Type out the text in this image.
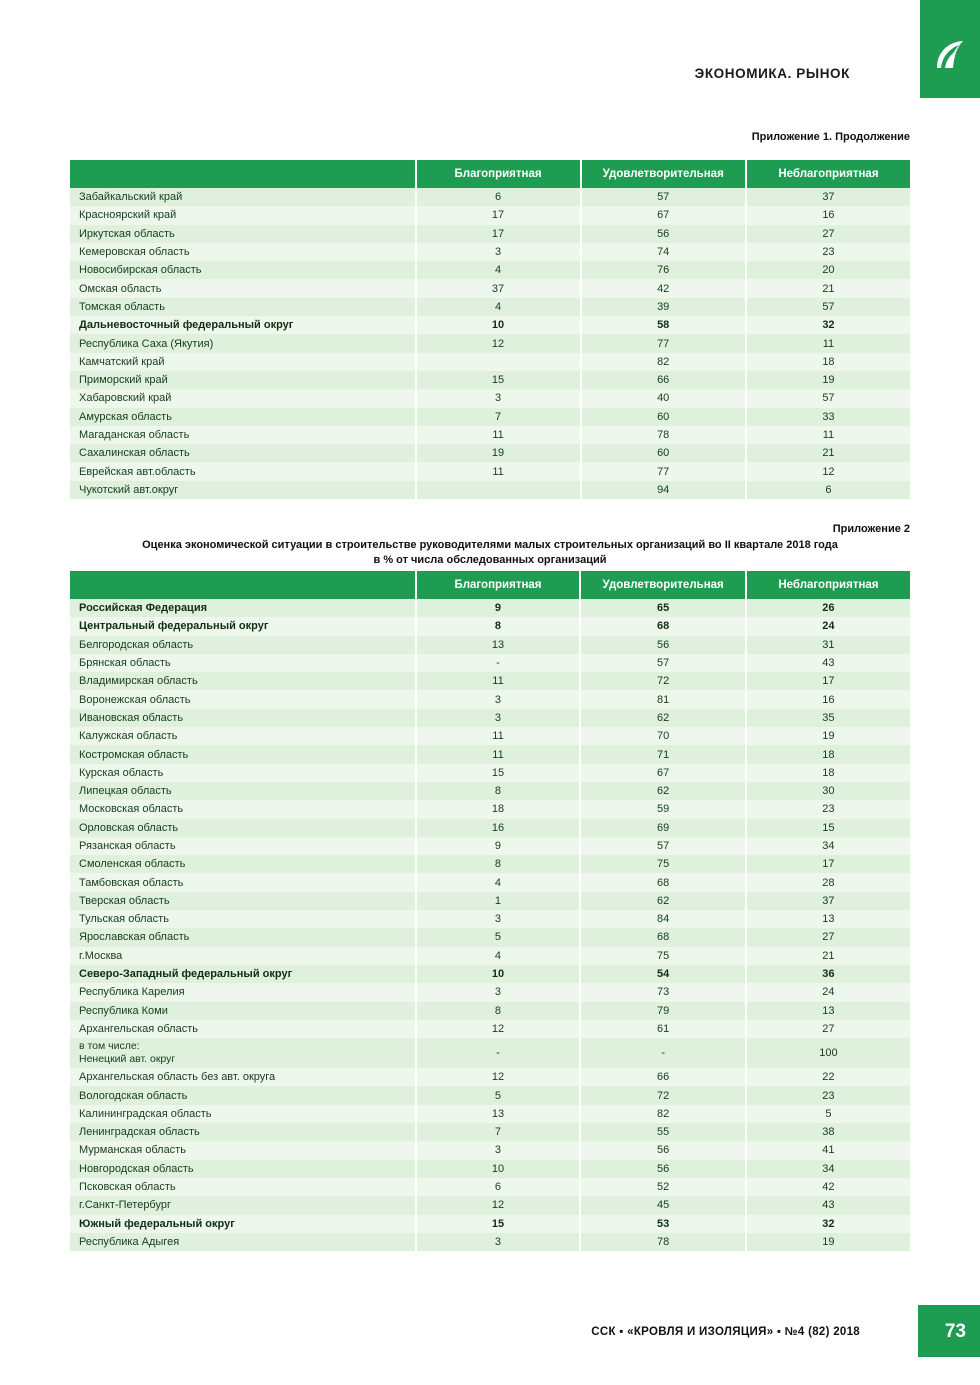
ЭКОНОМИКА. РЫНОК
Приложение 1. Продолжение
	Благоприятная	Удовлетворительная	Неблагоприятная
Забайкальский край	6	57	37
Красноярский край	17	67	16
Иркутская область	17	56	27
Кемеровская область	3	74	23
Новосибирская область	4	76	20
Омская область	37	42	21
Томская область	4	39	57
Дальневосточный федеральный округ	10	58	32
Республика Саха (Якутия)	12	77	11
Камчатский край		82	18
Приморский край	15	66	19
Хабаровский край	3	40	57
Амурская область	7	60	33
Магаданская область	11	78	11
Сахалинская область	19	60	21
Еврейская авт.область	11	77	12
Чукотский авт.округ		94	6
Приложение 2
Оценка экономической ситуации в строительстве руководителями малых строительных организаций во II квартале 2018 года
в % от числа обследованных организаций
	Благоприятная	Удовлетворительная	Неблагоприятная
Российская Федерация	9	65	26
Центральный федеральный округ	8	68	24
Белгородская область	13	56	31
Брянская область	-	57	43
Владимирская область	11	72	17
Воронежская область	3	81	16
Ивановская область	3	62	35
Калужская область	11	70	19
Костромская область	11	71	18
Курская область	15	67	18
Липецкая область	8	62	30
Московская область	18	59	23
Орловская область	16	69	15
Рязанская область	9	57	34
Смоленская область	8	75	17
Тамбовская область	4	68	28
Тверская область	1	62	37
Тульская область	3	84	13
Ярославская область	5	68	27
г.Москва	4	75	21
Северо-Западный федеральный округ	10	54	36
Республика Карелия	3	73	24
Республика Коми	8	79	13
Архангельская область	12	61	27

в том числе:
Ненецкий авт. округ	-	-	100
Архангельская область без авт. округа	12	66	22
Вологодская область	5	72	23
Калининградская область	13	82	5
Ленинградская область	7	55	38
Мурманская область	3	56	41
Новгородская область	10	56	34
Псковская область	6	52	42
г.Санкт-Петербург	12	45	43
Южный федеральный округ	15	53	32
Республика Адыгея	3	78	19
ССК ▪ «КРОВЛЯ И ИЗОЛЯЦИЯ» ▪ №4 (82) 2018	73
